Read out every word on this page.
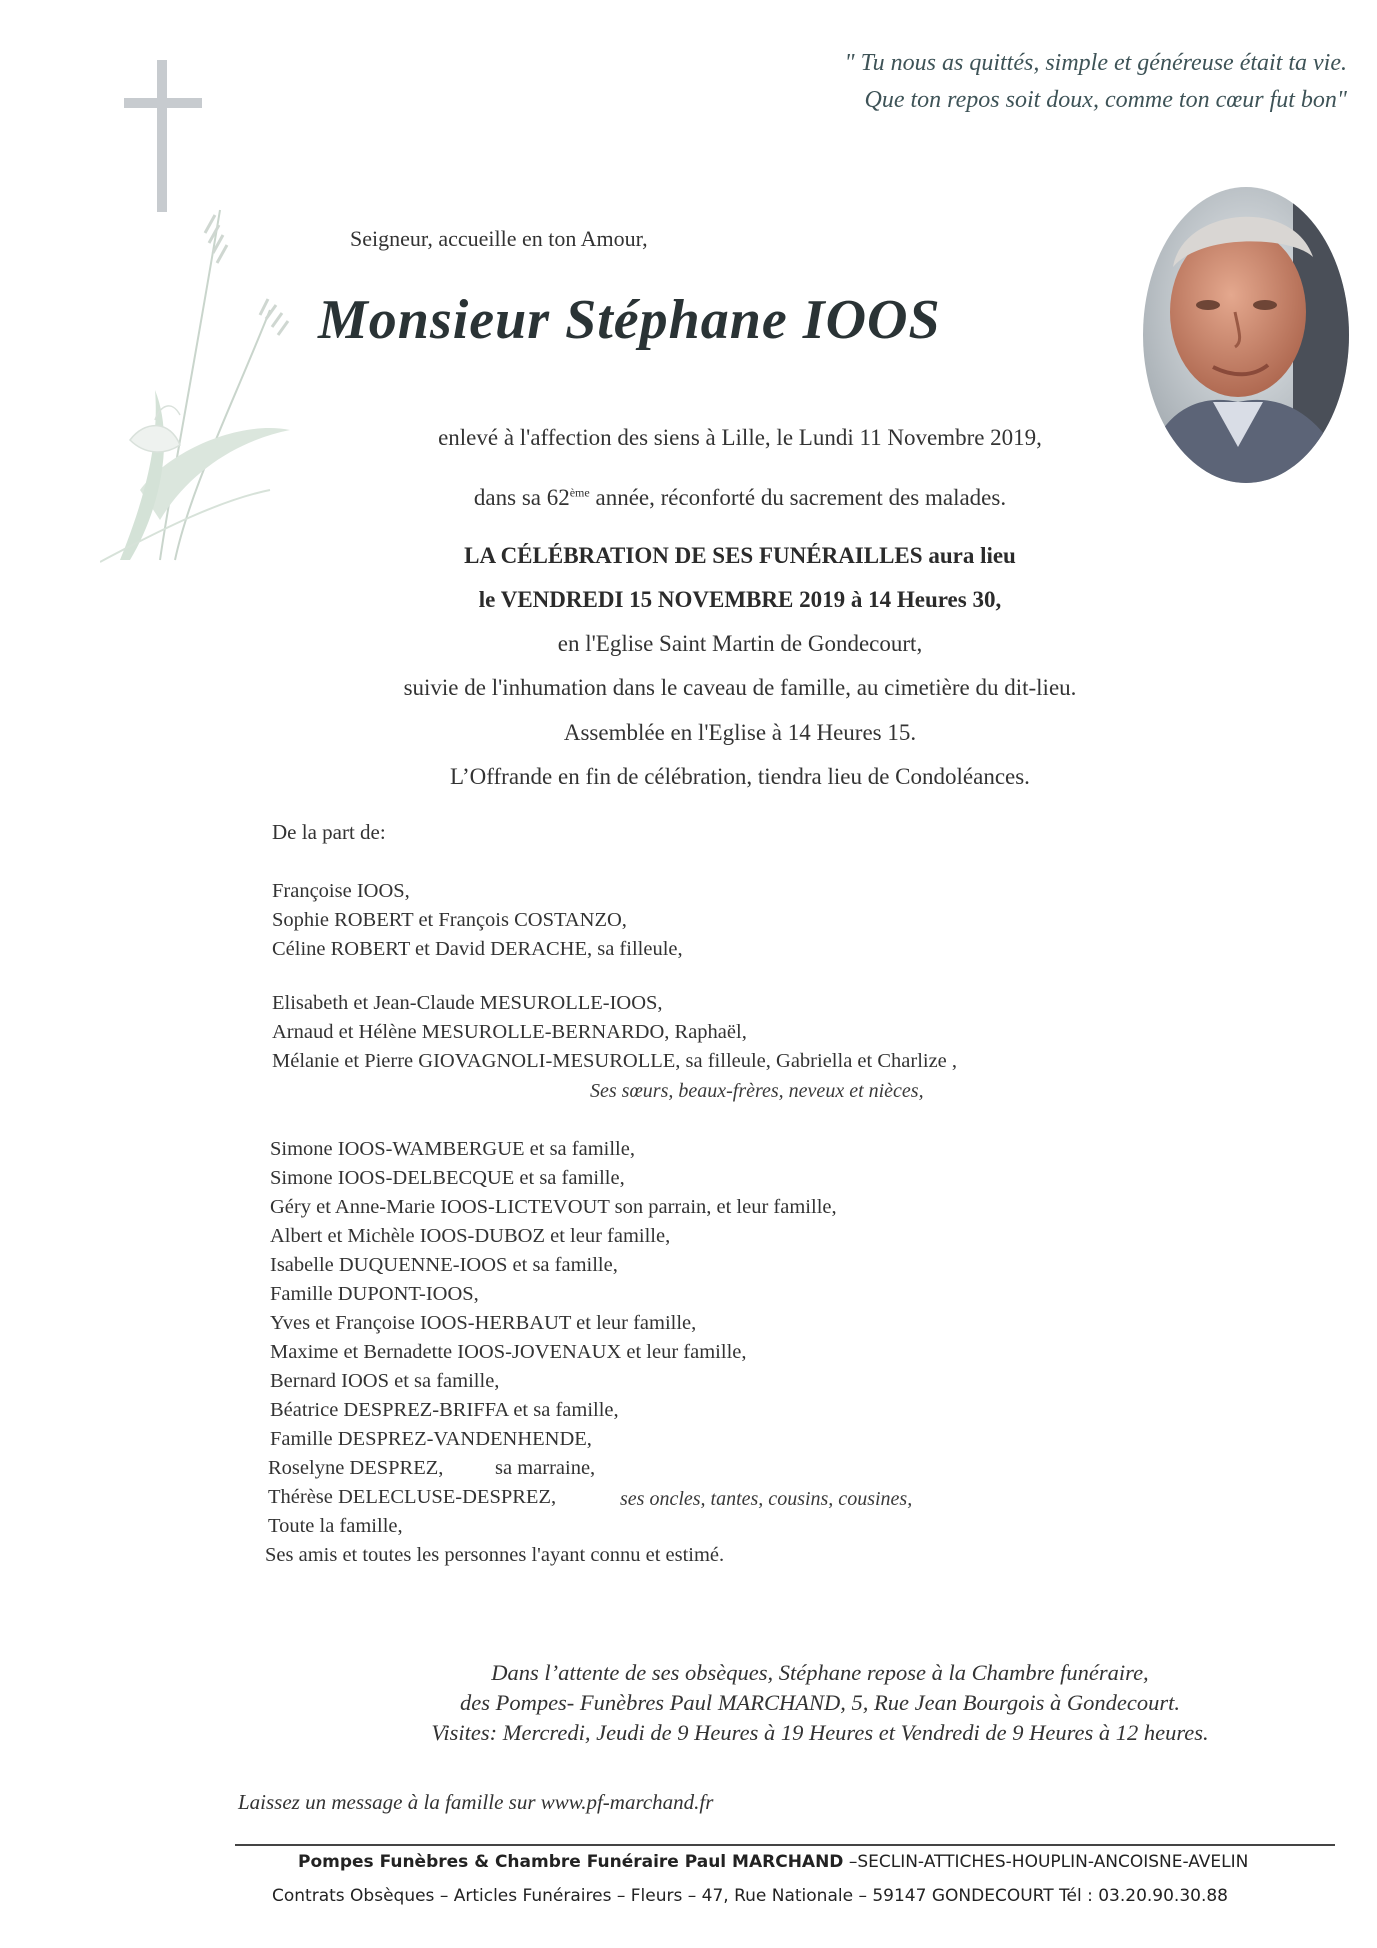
" Tu nous as quittés, simple et généreuse était ta vie.
Que ton repos soit doux, comme ton cœur fut bon"
Seigneur, accueille en ton Amour,
Monsieur Stéphane IOOS
enlevé à l'affection des siens à Lille, le Lundi 11 Novembre 2019,
dans sa 62ème année, réconforté du sacrement des malades.
LA CÉLÉBRATION DE SES FUNÉRAILLES aura lieu
le VENDREDI 15 NOVEMBRE 2019 à 14 Heures 30,
en l'Eglise Saint Martin de Gondecourt,
suivie de l'inhumation dans le caveau de famille, au cimetière du dit-lieu.
Assemblée en l'Eglise à 14 Heures 15.
L’Offrande en fin de célébration, tiendra lieu de Condoléances.
De la part de:
Françoise IOOS,
Sophie ROBERT et François COSTANZO,
Céline ROBERT et David DERACHE, sa filleule,
Elisabeth et Jean-Claude MESUROLLE-IOOS,
Arnaud et Hélène MESUROLLE-BERNARDO, Raphaël,
Mélanie et Pierre GIOVAGNOLI-MESUROLLE, sa filleule, Gabriella et Charlize ,
Ses sœurs, beaux-frères, neveux et nièces,
Simone IOOS-WAMBERGUE et sa famille,
Simone IOOS-DELBECQUE et sa famille,
Géry et Anne-Marie IOOS-LICTEVOUT son parrain, et leur famille,
Albert et Michèle IOOS-DUBOZ et leur famille,
Isabelle DUQUENNE-IOOS et sa famille,
Famille DUPONT-IOOS,
Yves et Françoise IOOS-HERBAUT et leur famille,
Maxime et Bernadette IOOS-JOVENAUX et leur famille,
Bernard IOOS et sa famille,
Béatrice DESPREZ-BRIFFA et sa famille,
Famille DESPREZ-VANDENHENDE,
Roselyne DESPREZ,	sa marraine,
Thérèse DELECLUSE-DESPREZ,	ses oncles, tantes, cousins, cousines,
Toute la famille,
Ses amis et toutes les personnes l'ayant connu et estimé.
Dans l’attente de ses obsèques, Stéphane repose à la Chambre funéraire,
des Pompes- Funèbres Paul MARCHAND, 5, Rue Jean Bourgois à Gondecourt.
Visites: Mercredi, Jeudi de 9 Heures à 19 Heures et Vendredi de 9 Heures à 12 heures.
Laissez un message à la famille sur www.pf-marchand.fr
Pompes Funèbres & Chambre Funéraire Paul MARCHAND –SECLIN-ATTICHES-HOUPLIN-ANCOISNE-AVELIN
Contrats Obsèques – Articles Funéraires – Fleurs – 47, Rue Nationale – 59147 GONDECOURT Tél : 03.20.90.30.88
